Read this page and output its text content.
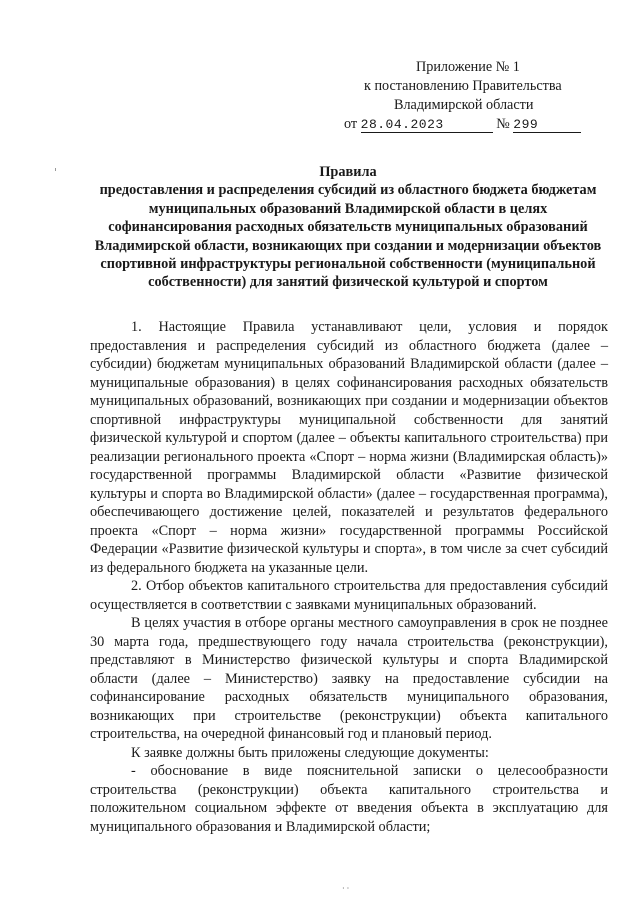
Приложение № 1
к постановлению Правительства
Владимирской области
от 28.04.2023	№ 299
Правила
предоставления и распределения субсидий из областного бюджета бюджетам муниципальных образований Владимирской области в целях софинансирования расходных обязательств муниципальных образований Владимирской области, возникающих при создании и модернизации объектов спортивной инфраструктуры региональной собственности (муниципальной собственности) для занятий физической культурой и спортом

1. Настоящие Правила устанавливают цели, условия и порядок предоставления и распределения субсидий из областного бюджета (далее – субсидии) бюджетам муниципальных образований Владимирской области (далее – муниципальные образования) в целях софинансирования расходных обязательств муниципальных образований, возникающих при создании и модернизации объектов спортивной инфраструктуры муниципальной собственности для занятий физической культурой и спортом (далее – объекты капитального строительства) при реализации регионального проекта «Спорт – норма жизни (Владимирская область)» государственной программы Владимирской области «Развитие физической культуры и спорта во Владимирской области» (далее – государственная программа), обеспечивающего достижение целей, показателей и результатов федерального проекта «Спорт – норма жизни» государственной программы Российской Федерации «Развитие физической культуры и спорта», в том числе за счет субсидий из федерального бюджета на указанные цели.

2. Отбор объектов капитального строительства для предоставления субсидий осуществляется в соответствии с заявками муниципальных образований.

В целях участия в отборе органы местного самоуправления в срок не позднее 30 марта года, предшествующего году начала строительства (реконструкции), представляют в Министерство физической культуры и спорта Владимирской области (далее – Министерство) заявку на предоставление субсидии на софинансирование расходных обязательств муниципального образования, возникающих при строительстве (реконструкции) объекта капитального строительства, на очередной финансовый год и плановый период.

К заявке должны быть приложены следующие документы:

- обоснование в виде пояснительной записки о целесообразности строительства (реконструкции) объекта капитального строительства и положительном социальном эффекте от введения объекта в эксплуатацию для муниципального образования и Владимирской области;

· ·
